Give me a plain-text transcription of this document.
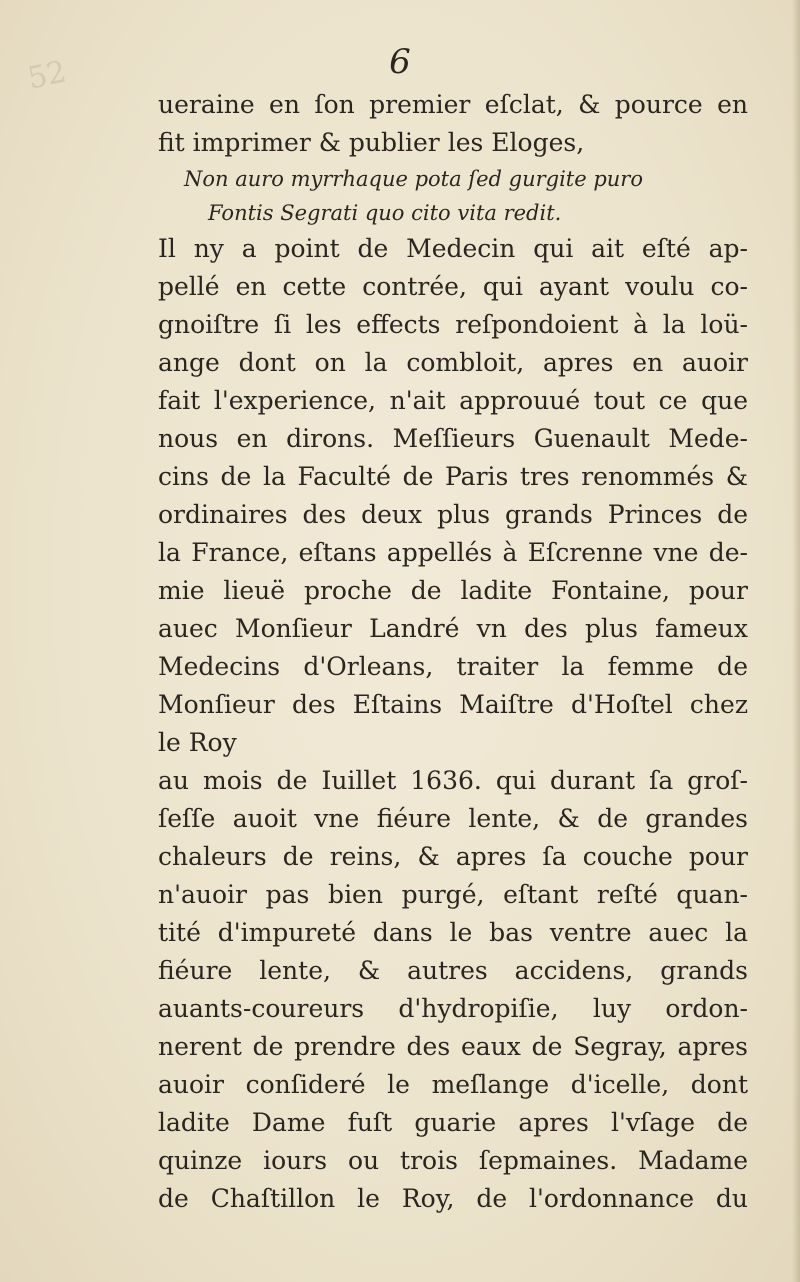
52	6
ueraine en ſon premier eſclat, & pource en
fit imprimer & publier les Eloges,
Non auro myrrhaque pota ſed gurgite puro
Fontis Segrati quo cito vita redit.
Il ny a point de Medecin qui ait eſté ap-
pellé en cette contrée, qui ayant voulu co-
gnoiſtre ſi les effects reſpondoient à la loü-
ange dont on la combloit, apres en auoir
fait l'experience, n'ait approuué tout ce que
nous en dirons. Meſſieurs Guenault Mede-
cins de la Faculté de Paris tres renommés &
ordinaires des deux plus grands Princes de
la France, eſtans appellés à Eſcrenne vne de-
mie lieuë proche de ladite Fontaine, pour
auec Monſieur Landré vn des plus fameux
Medecins d'Orleans, traiter la femme de
Monſieur des Eſtains Maiſtre d'Hoſtel chez
le Roy
au mois de Iuillet 1636. qui durant ſa groſ-
ſeſſe auoit vne fiéure lente, & de grandes
chaleurs de reins, & apres ſa couche pour
n'auoir pas bien purgé, eſtant reſté quan-
tité d'impureté dans le bas ventre auec la
fiéure lente, & autres accidens, grands
auants-coureurs d'hydropiſie, luy ordon-
nerent de prendre des eaux de Segray, apres
auoir conſideré le meſlange d'icelle, dont
ladite Dame fuſt guarie apres l'vſage de
quinze iours ou trois ſepmaines. Madame
de Chaſtillon le Roy, de l'ordonnance du
